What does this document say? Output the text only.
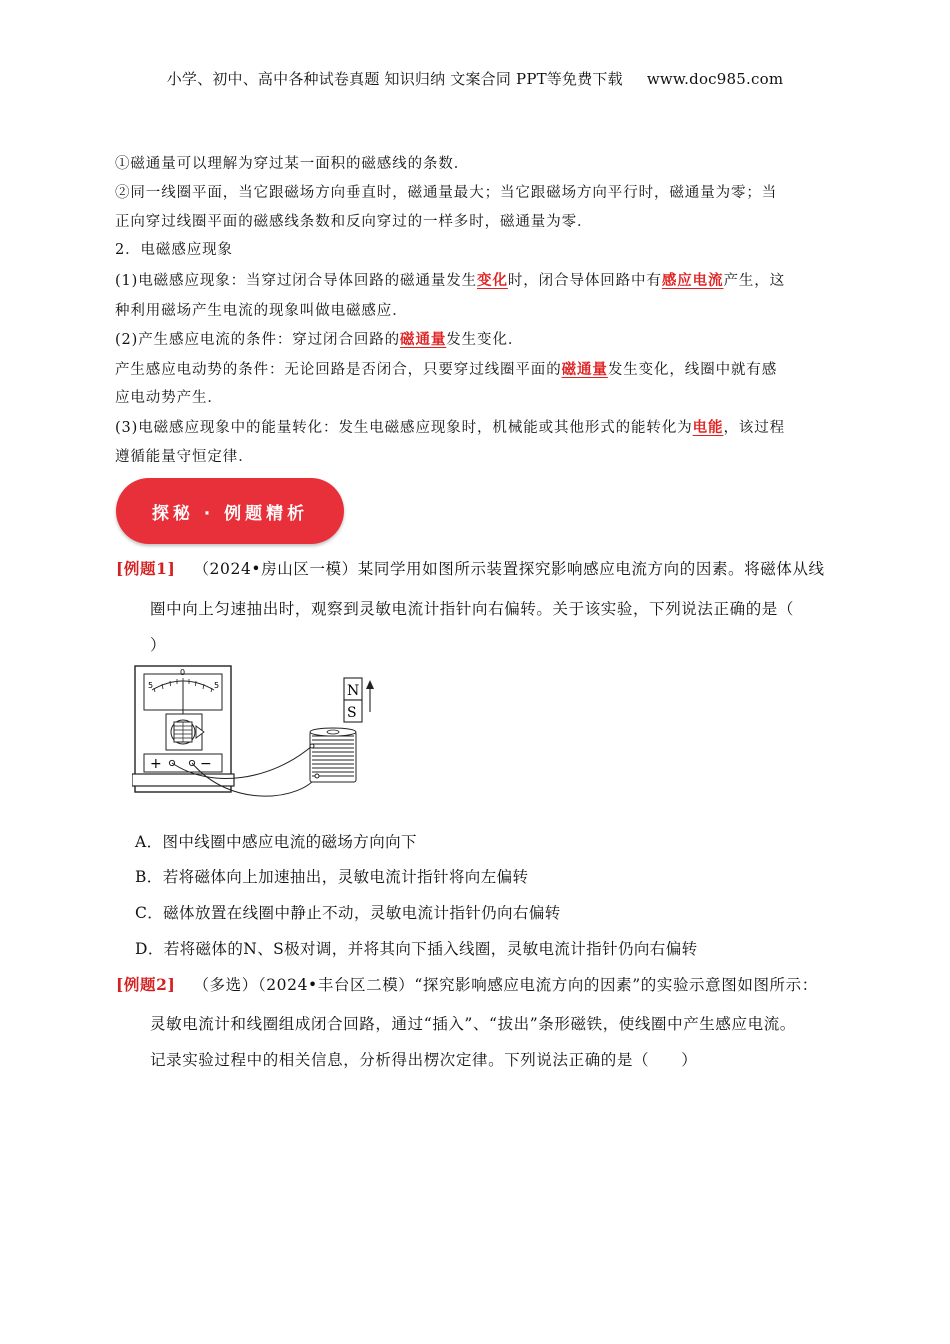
小学、初中、高中各种试卷真题 知识归纳 文案合同 PPT等免费下载 www.doc985.com
①磁通量可以理解为穿过某一面积的磁感线的条数．
②同一线圈平面，当它跟磁场方向垂直时，磁通量最大；当它跟磁场方向平行时，磁通量为零；当
正向穿过线圈平面的磁感线条数和反向穿过的一样多时，磁通量为零．
2．电磁感应现象
(1)电磁感应现象：当穿过闭合导体回路的磁通量发生变化时，闭合导体回路中有感应电流产生，这
种利用磁场产生电流的现象叫做电磁感应．
(2)产生感应电流的条件：穿过闭合回路的磁通量发生变化．
产生感应电动势的条件：无论回路是否闭合，只要穿过线圈平面的磁通量发生变化，线圈中就有感
应电动势产生．
(3)电磁感应现象中的能量转化：发生电磁感应现象时，机械能或其他形式的能转化为电能，该过程
遵循能量守恒定律．
探秘 · 例题精析
[例题1] （2024•房山区一模）某同学用如图所示装置探究影响感应电流方向的因素。将磁体从线
圈中向上匀速抽出时，观察到灵敏电流计指针向右偏转。关于该实验，下列说法正确的是（
）
5
0
5
+	−
N
S
A．图中线圈中感应电流的磁场方向向下
B．若将磁体向上加速抽出，灵敏电流计指针将向左偏转
C．磁体放置在线圈中静止不动，灵敏电流计指针仍向右偏转
D．若将磁体的N、S极对调，并将其向下插入线圈，灵敏电流计指针仍向右偏转
[例题2] （多选）（2024•丰台区二模）“探究影响感应电流方向的因素”的实验示意图如图所示：
灵敏电流计和线圈组成闭合回路，通过“插入”、“拔出”条形磁铁，使线圈中产生感应电流。
记录实验过程中的相关信息，分析得出楞次定律。下列说法正确的是（　　）
